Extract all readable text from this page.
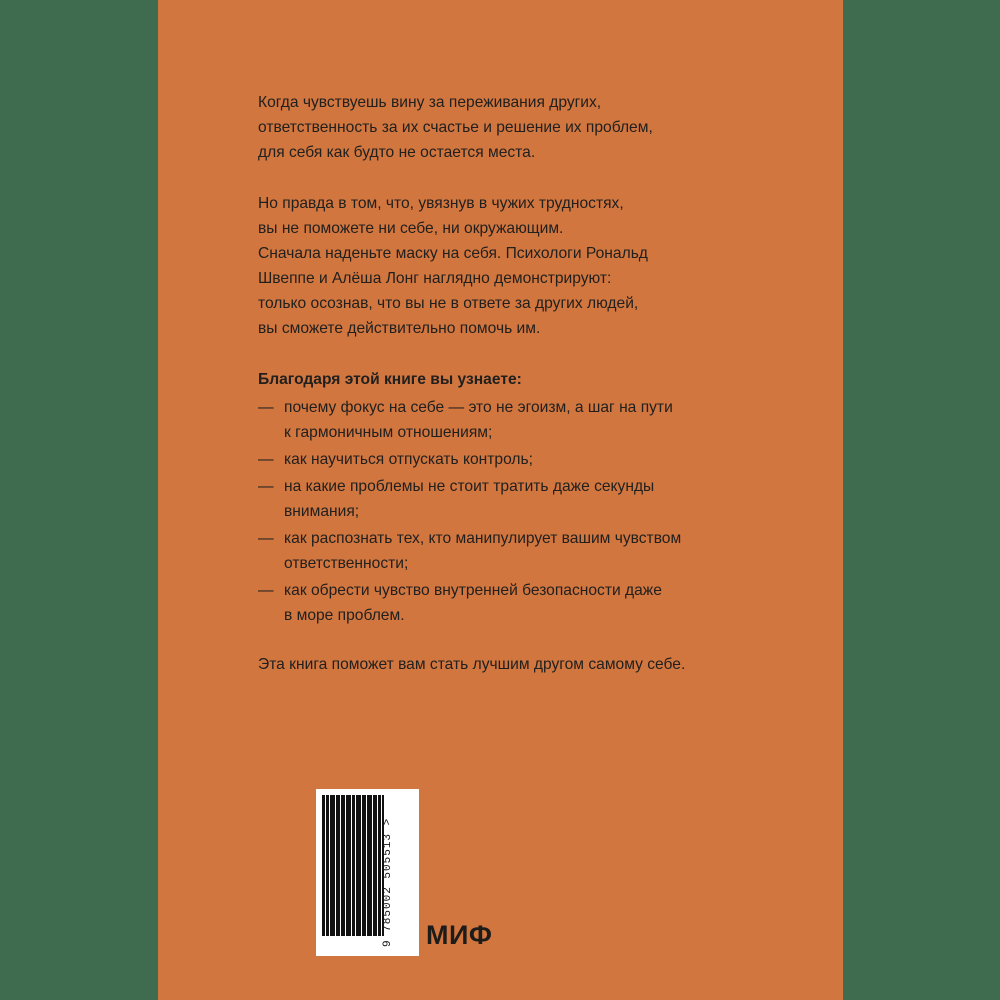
Когда чувствуешь вину за переживания других,
ответственность за их счастье и решение их проблем,
для себя как будто не остается места.

Но правда в том, что, увязнув в чужих трудностях,
вы не поможете ни себе, ни окружающим.
Сначала наденьте маску на себя. Психологи Рональд
Швеппе и Алёша Лонг наглядно демонстрируют:
только осознав, что вы не в ответе за других людей,
вы сможете действительно помочь им.

Благодаря этой книге вы узнаете:
— почему фокус на себе — это не эгоизм, а шаг на пути
к гармоничным отношениям;
— как научиться отпускать контроль;
— на какие проблемы не стоит тратить даже секунды
внимания;
— как распознать тех, кто манипулирует вашим чувством
ответственности;
— как обрести чувство внутренней безопасности даже
в море проблем.

Эта книга поможет вам стать лучшим другом самому себе.

9 785002 505513 >	МИФ
